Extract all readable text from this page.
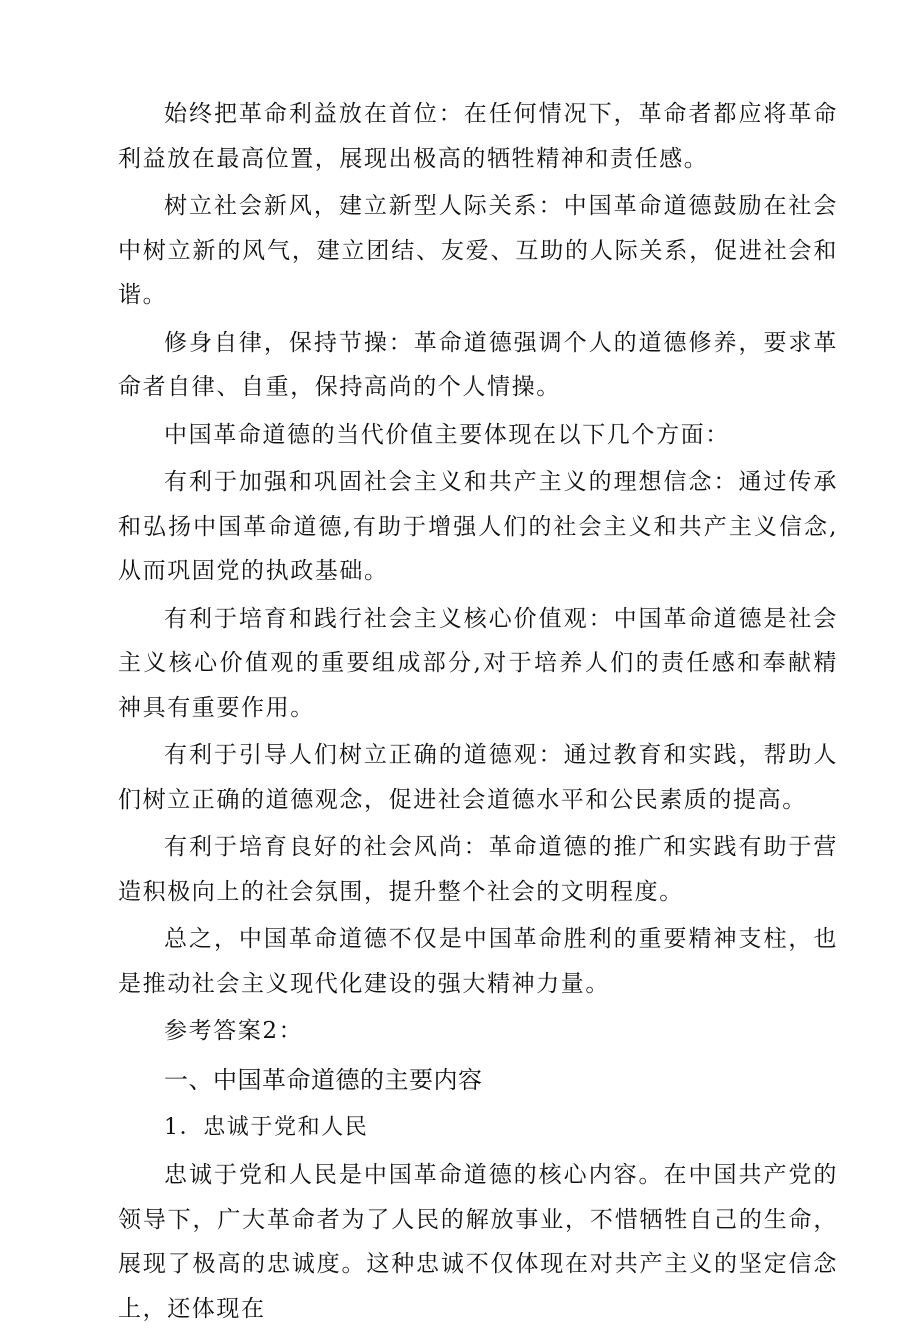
始终把革命利益放在首位：在任何情况下，革命者都应将革命利益放在最高位置，展现出极高的牺牲精神和责任感。

树立社会新风，建立新型人际关系：中国革命道德鼓励在社会中树立新的风气，建立团结、友爱、互助的人际关系，促进社会和谐。

修身自律，保持节操：革命道德强调个人的道德修养，要求革命者自律、自重，保持高尚的个人情操。

中国革命道德的当代价值主要体现在以下几个方面：

有利于加强和巩固社会主义和共产主义的理想信念：通过传承和弘扬中国革命道德,有助于增强人们的社会主义和共产主义信念,从而巩固党的执政基础。

有利于培育和践行社会主义核心价值观：中国革命道德是社会主义核心价值观的重要组成部分,对于培养人们的责任感和奉献精神具有重要作用。

有利于引导人们树立正确的道德观：通过教育和实践，帮助人们树立正确的道德观念，促进社会道德水平和公民素质的提高。

有利于培育良好的社会风尚：革命道德的推广和实践有助于营造积极向上的社会氛围，提升整个社会的文明程度。

总之，中国革命道德不仅是中国革命胜利的重要精神支柱，也是推动社会主义现代化建设的强大精神力量。

参考答案2：

一、中国革命道德的主要内容

1．忠诚于党和人民

忠诚于党和人民是中国革命道德的核心内容。在中国共产党的领导下，广大革命者为了人民的解放事业，不惜牺牲自己的生命，展现了极高的忠诚度。这种忠诚不仅体现在对共产主义的坚定信念上，还体现在
